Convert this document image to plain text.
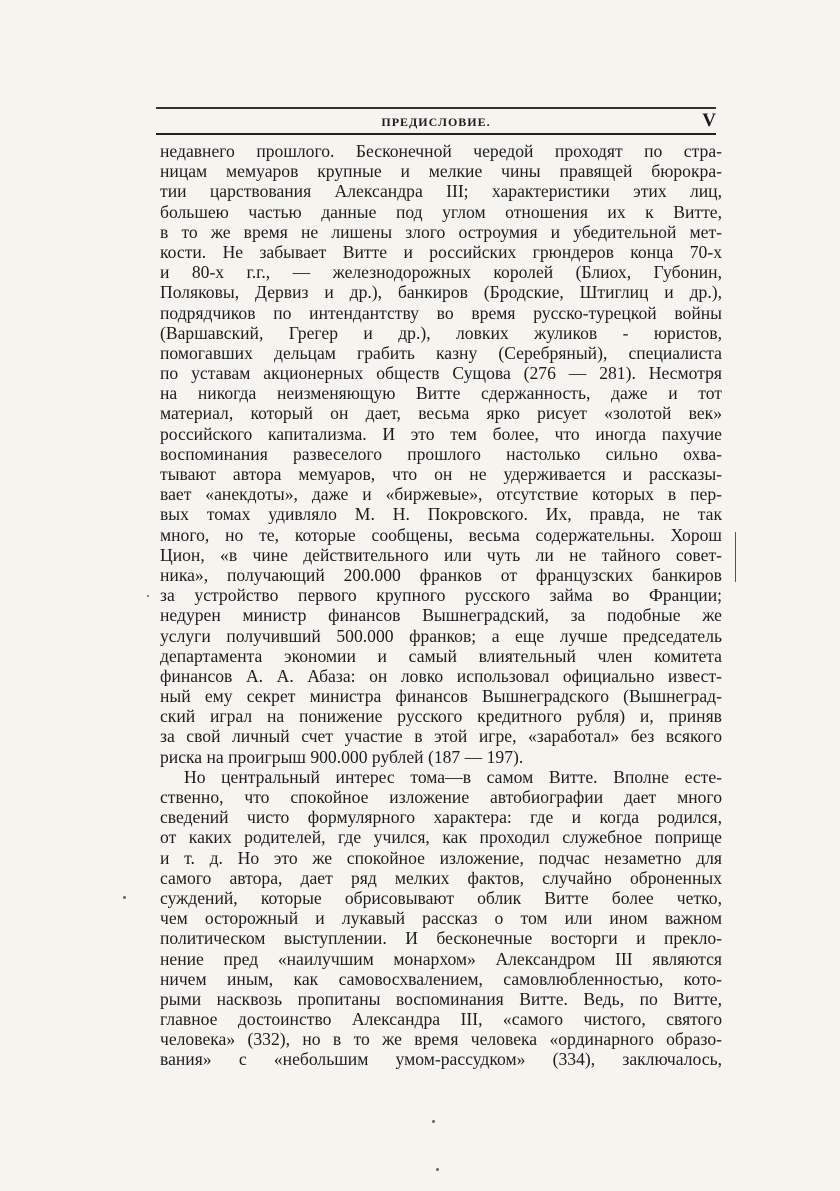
ПРЕДИСЛОВИЕ.	V
недавнего прошлого. Бесконечной чередой проходят по стра-
ницам мемуаров крупные и мелкие чины правящей бюрокра-
тии царствования Александра III; характеристики этих лиц,
большею частью данные под углом отношения их к Витте,
в то же время не лишены злого остроумия и убедительной мет-
кости. Не забывает Витте и российских грюндеров конца 70-х
и 80-х г.г., — железнодорожных королей (Блиох, Губонин,
Поляковы, Дервиз и др.), банкиров (Бродские, Штиглиц и др.),
подрядчиков по интендантству во время русско-турецкой войны
(Варшавский, Грегер и др.), ловких жуликов - юристов,
помогавших дельцам грабить казну (Серебряный), специалиста
по уставам акционерных обществ Сущова (276 — 281). Несмотря
на никогда неизменяющую Витте сдержанность, даже и тот
материал, который он дает, весьма ярко рисует «золотой век»
российского капитализма. И это тем более, что иногда пахучие
воспоминания развеселого прошлого настолько сильно охва-
тывают автора мемуаров, что он не удерживается и рассказы-
вает «анекдоты», даже и «биржевые», отсутствие которых в пер-
вых томах удивляло М. Н. Покровского. Их, правда, не так
много, но те, которые сообщены, весьма содержательны. Хорош
Цион, «в чине действительного или чуть ли не тайного совет-
ника», получающий 200.000 франков от французских банкиров
за устройство первого крупного русского займа во Франции;
недурен министр финансов Вышнеградский, за подобные же
услуги получивший 500.000 франков; а еще лучше председатель
департамента экономии и самый влиятельный член комитета
финансов А. А. Абаза: он ловко использовал официально извест-
ный ему секрет министра финансов Вышнеградского (Вышнеград-
ский играл на понижение русского кредитного рубля) и, приняв
за свой личный счет участие в этой игре, «заработал» без всякого
риска на проигрыш 900.000 рублей (187 — 197).
Но центральный интерес тома—в самом Витте. Вполне есте-
ственно, что спокойное изложение автобиографии дает много
сведений чисто формулярного характера: где и когда родился,
от каких родителей, где учился, как проходил служебное поприще
и т. д. Но это же спокойное изложение, подчас незаметно для
самого автора, дает ряд мелких фактов, случайно оброненных
суждений, которые обрисовывают облик Витте более четко,
чем осторожный и лукавый рассказ о том или ином важном
политическом выступлении. И бесконечные восторги и прекло-
нение пред «наилучшим монархом» Александром III являются
ничем иным, как самовосхвалением, самовлюбленностью, кото-
рыми насквозь пропитаны воспоминания Витте. Ведь, по Витте,
главное достоинство Александра III, «самого чистого, святого
человека» (332), но в то же время человека «ординарного образо-
вания» с «небольшим умом-рассудком» (334), заключалось,
